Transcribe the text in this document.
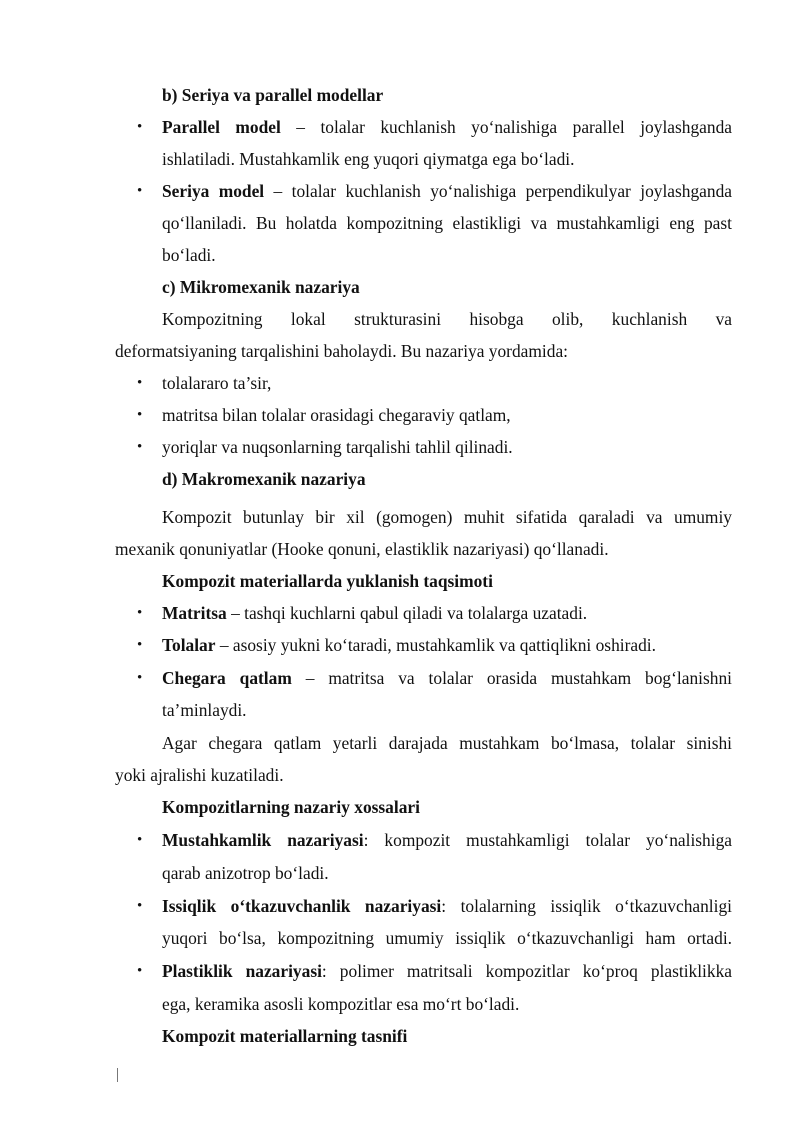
b) Seriya va parallel modellar
• Parallel model – tolalar kuchlanish yo‘nalishiga parallel joylashganda
ishlatiladi. Mustahkamlik eng yuqori qiymatga ega bo‘ladi.
• Seriya model – tolalar kuchlanish yo‘nalishiga perpendikulyar joylashganda
qo‘llaniladi. Bu holatda kompozitning elastikligi va mustahkamligi eng past
bo‘ladi.
c) Mikromexanik nazariya
Kompozitning lokal strukturasini hisobga olib, kuchlanish va
deformatsiyaning tarqalishini baholaydi. Bu nazariya yordamida:
• tolalararo ta’sir,
• matritsa bilan tolalar orasidagi chegaraviy qatlam,
• yoriqlar va nuqsonlarning tarqalishi tahlil qilinadi.
d) Makromexanik nazariya
Kompozit butunlay bir xil (gomogen) muhit sifatida qaraladi va umumiy
mexanik qonuniyatlar (Hooke qonuni, elastiklik nazariyasi) qo‘llanadi.
Kompozit materiallarda yuklanish taqsimoti
• Matritsa – tashqi kuchlarni qabul qiladi va tolalarga uzatadi.
• Tolalar – asosiy yukni ko‘taradi, mustahkamlik va qattiqlikni oshiradi.
• Chegara qatlam – matritsa va tolalar orasida mustahkam bog‘lanishni
ta’minlaydi.
Agar chegara qatlam yetarli darajada mustahkam bo‘lmasa, tolalar sinishi
yoki ajralishi kuzatiladi.
Kompozitlarning nazariy xossalari
• Mustahkamlik nazariyasi: kompozit mustahkamligi tolalar yo‘nalishiga
qarab anizotrop bo‘ladi.
• Issiqlik o‘tkazuvchanlik nazariyasi: tolalarning issiqlik o‘tkazuvchanligi
yuqori bo‘lsa, kompozitning umumiy issiqlik o‘tkazuvchanligi ham ortadi.
• Plastiklik nazariyasi: polimer matritsali kompozitlar ko‘proq plastiklikka
ega, keramika asosli kompozitlar esa mo‘rt bo‘ladi.
Kompozit materiallarning tasnifi
